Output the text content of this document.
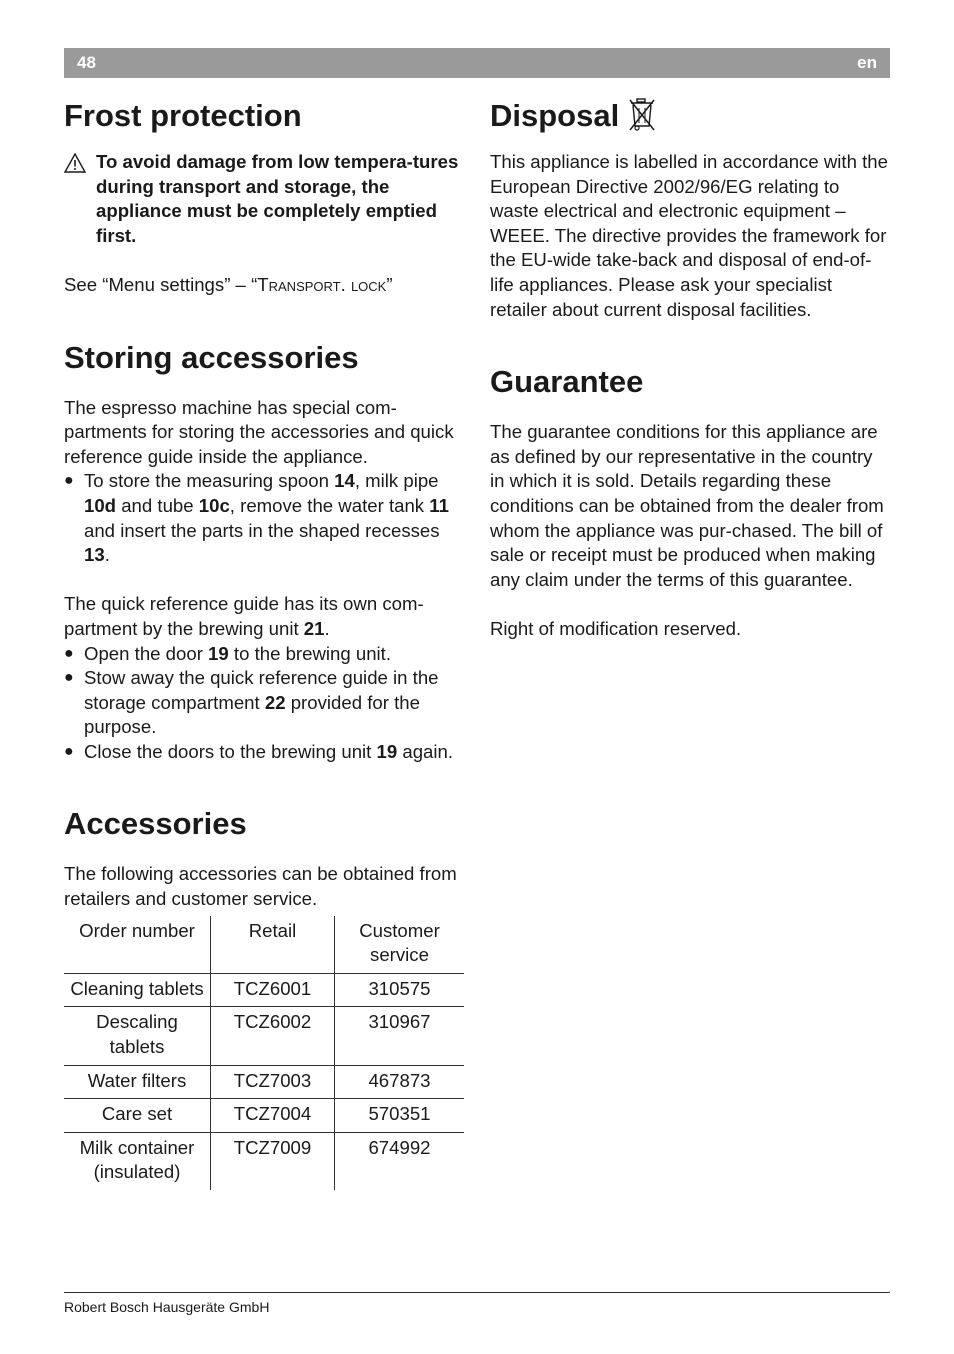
48	en
Frost protection

To avoid damage from low tempera-tures during transport and storage, the appliance must be completely emptied first.

See “Menu settings” – “Transport. lock”

Storing accessories

The espresso machine has special com-partments for storing the accessories and quick reference guide inside the appliance.

● To store the measuring spoon 14, milk pipe 10d and tube 10c, remove the water tank 11 and insert the parts in the shaped recesses 13.

The quick reference guide has its own com-partment by the brewing unit 21.

● Open the door 19 to the brewing unit.
● Stow away the quick reference guide in the storage compartment 22 provided for the purpose.
● Close the doors to the brewing unit 19 again.
Accessories

The following accessories can be obtained from retailers and customer service.

Order number	Retail	Customer service
Cleaning tablets	TCZ6001	310575
Descaling tablets	TCZ6002	310967
Water filters	TCZ7003	467873
Care set	TCZ7004	570351
Milk container (insulated)	TCZ7009	674992
Disposal

This appliance is labelled in accordance with the European Directive 2002/96/EG relating to waste electrical and electronic equipment – WEEE. The directive provides the framework for the EU-wide take-back and disposal of end-of-life appliances. Please ask your specialist retailer about current disposal facilities.

Guarantee

The guarantee conditions for this appliance are as defined by our representative in the country in which it is sold. Details regarding these conditions can be obtained from the dealer from whom the appliance was pur-chased. The bill of sale or receipt must be produced when making any claim under the terms of this guarantee.

Right of modification reserved.

Robert Bosch Hausgeräte GmbH
